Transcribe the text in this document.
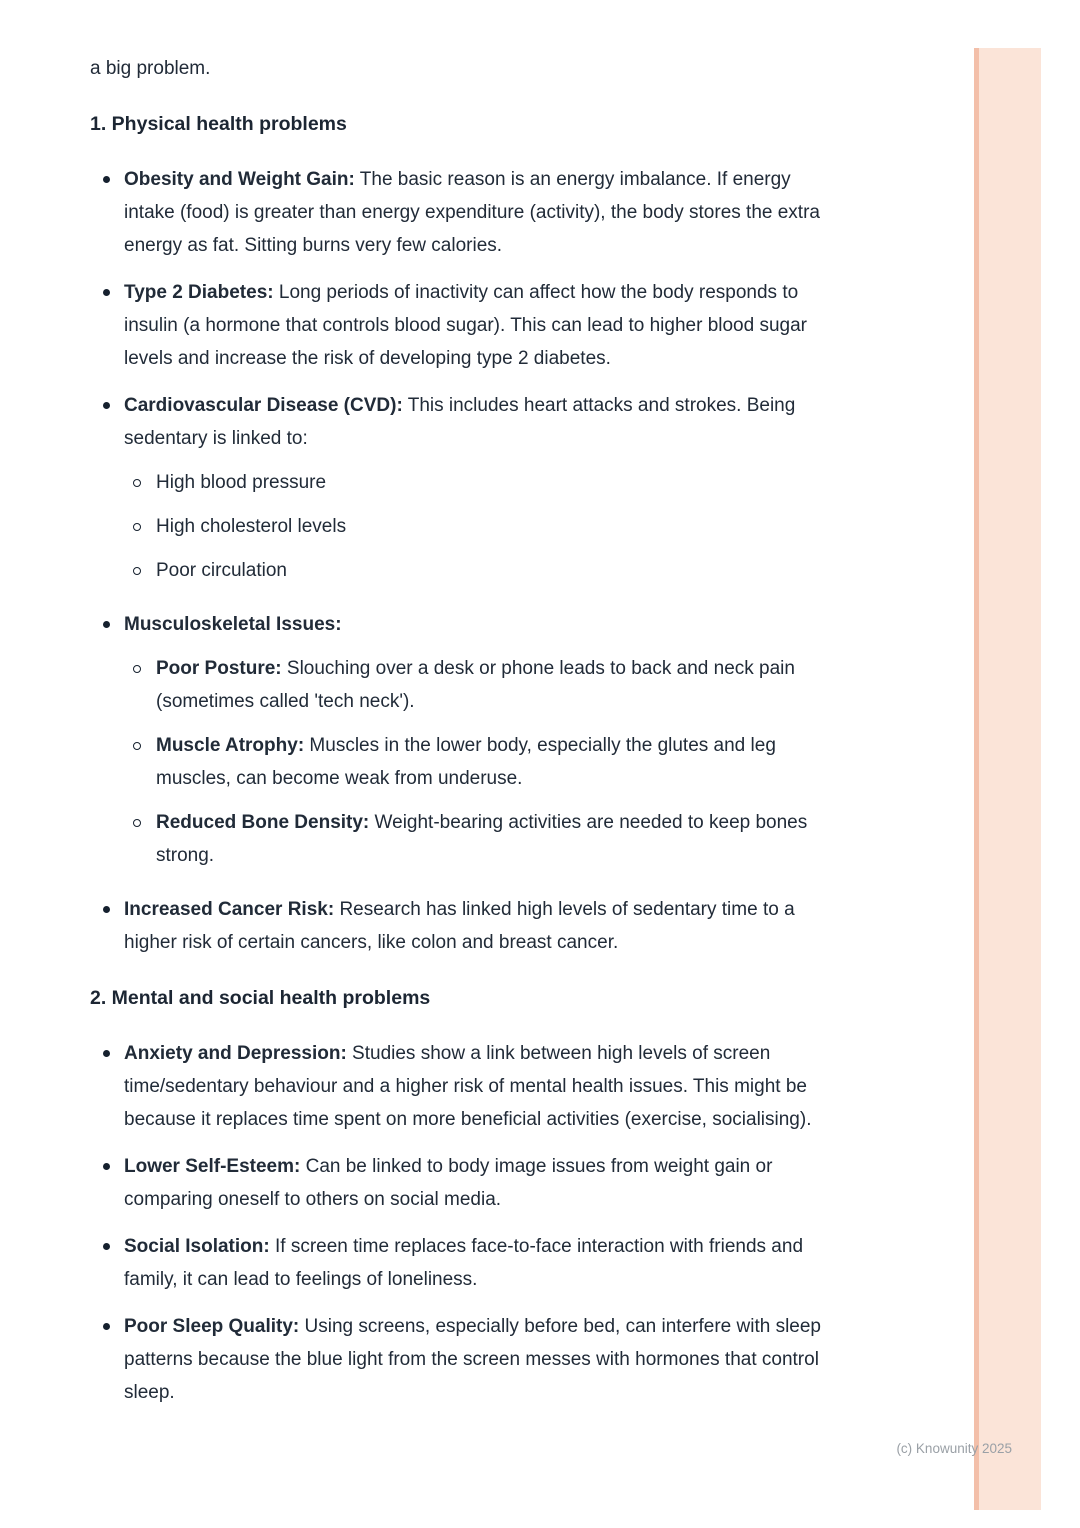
a big problem.

1. Physical health problems
Obesity and Weight Gain: The basic reason is an energy imbalance. If energy intake (food) is greater than energy expenditure (activity), the body stores the extra energy as fat. Sitting burns very few calories.
Type 2 Diabetes: Long periods of inactivity can affect how the body responds to insulin (a hormone that controls blood sugar). This can lead to higher blood sugar levels and increase the risk of developing type 2 diabetes.
Cardiovascular Disease (CVD): This includes heart attacks and strokes. Being sedentary is linked to:
High blood pressure
High cholesterol levels
Poor circulation
Musculoskeletal Issues:
Poor Posture: Slouching over a desk or phone leads to back and neck pain (sometimes called 'tech neck').
Muscle Atrophy: Muscles in the lower body, especially the glutes and leg muscles, can become weak from underuse.
Reduced Bone Density: Weight-bearing activities are needed to keep bones strong.
Increased Cancer Risk: Research has linked high levels of sedentary time to a higher risk of certain cancers, like colon and breast cancer.
2. Mental and social health problems
Anxiety and Depression: Studies show a link between high levels of screen time/sedentary behaviour and a higher risk of mental health issues. This might be because it replaces time spent on more beneficial activities (exercise, socialising).
Lower Self-Esteem: Can be linked to body image issues from weight gain or comparing oneself to others on social media.
Social Isolation: If screen time replaces face-to-face interaction with friends and family, it can lead to feelings of loneliness.
Poor Sleep Quality: Using screens, especially before bed, can interfere with sleep patterns because the blue light from the screen messes with hormones that control sleep.
(c) Knowunity 2025
